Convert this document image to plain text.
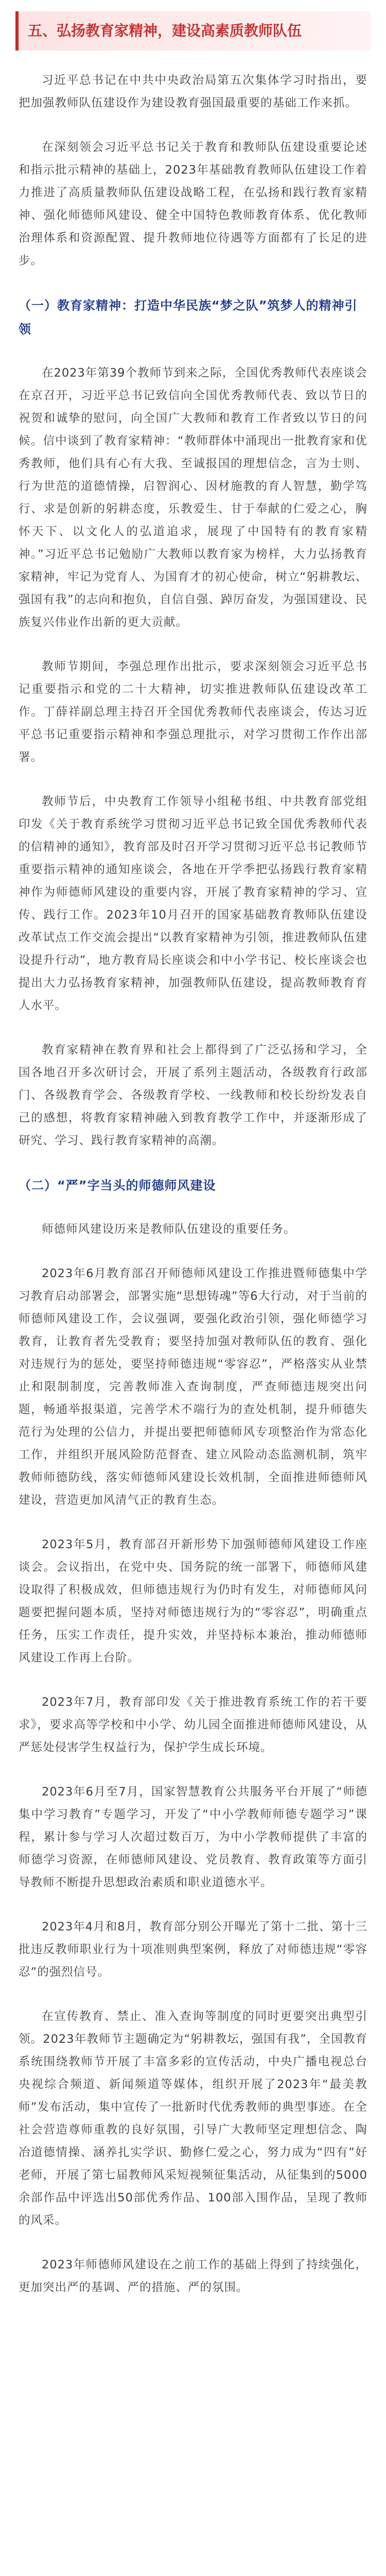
五、弘扬教育家精神，建设高素质教师队伍

习近平总书记在中共中央政治局第五次集体学习时指出，要把加强教师队伍建设作为建设教育强国最重要的基础工作来抓。

在深刻领会习近平总书记关于教育和教师队伍建设重要论述和指示批示精神的基础上，2023年基础教育教师队伍建设工作着力推进了高质量教师队伍建设战略工程，在弘扬和践行教育家精神、强化师德师风建设、健全中国特色教师教育体系、优化教师治理体系和资源配置、提升教师地位待遇等方面都有了长足的进步。

（一）教育家精神：打造中华民族“梦之队”筑梦人的精神引领

在2023年第39个教师节到来之际，全国优秀教师代表座谈会在京召开，习近平总书记致信向全国优秀教师代表、致以节日的祝贺和诚挚的慰问，向全国广大教师和教育工作者致以节日的问候。信中谈到了教育家精神：“教师群体中涌现出一批教育家和优秀教师，他们具有心有大我、至诚报国的理想信念，言为士则、行为世范的道德情操，启智润心、因材施教的育人智慧，勤学笃行、求是创新的躬耕态度，乐教爱生、甘于奉献的仁爱之心，胸怀天下、以文化人的弘道追求，展现了中国特有的教育家精神。”习近平总书记勉励广大教师以教育家为榜样，大力弘扬教育家精神，牢记为党育人、为国育才的初心使命，树立“躬耕教坛、强国有我”的志向和抱负，自信自强、踔厉奋发，为强国建设、民族复兴伟业作出新的更大贡献。

教师节期间，李强总理作出批示，要求深刻领会习近平总书记重要指示和党的二十大精神，切实推进教师队伍建设改革工作。丁薛祥副总理主持召开全国优秀教师代表座谈会，传达习近平总书记重要指示精神和李强总理批示，对学习贯彻工作作出部署。

教师节后，中央教育工作领导小组秘书组、中共教育部党组印发《关于教育系统学习贯彻习近平总书记致全国优秀教师代表的信精神的通知》，教育部及时召开学习贯彻习近平总书记教师节重要指示精神的通知座谈会，各地在开学季把弘扬践行教育家精神作为师德师风建设的重要内容，开展了教育家精神的学习、宣传、践行工作。2023年10月召开的国家基础教育教师队伍建设改革试点工作交流会提出“以教育家精神为引领，推进教师队伍建设提升行动”，地方教育局长座谈会和中小学书记、校长座谈会也提出大力弘扬教育家精神，加强教师队伍建设，提高教师教育育人水平。

教育家精神在教育界和社会上都得到了广泛弘扬和学习，全国各地召开多次研讨会，开展了系列主题活动，各级教育行政部门、各级教育学会、各级教育学校、一线教师和校长纷纷发表自己的感想，将教育家精神融入到教育教学工作中，并逐渐形成了研究、学习、践行教育家精神的高潮。

（二）“严”字当头的师德师风建设

师德师风建设历来是教师队伍建设的重要任务。

2023年6月教育部召开师德师风建设工作推进暨师德集中学习教育启动部署会，部署实施“思想铸魂”等6大行动，对于当前的师德师风建设工作，会议强调，要强化政治引领，强化师德学习教育，让教育者先受教育；要坚持加强对教师队伍的教育、强化对违规行为的惩处，要坚持师德违规“零容忍”，严格落实从业禁止和限制制度，完善教师准入查询制度，严查师德违规突出问题，畅通举报渠道，完善学术不端行为的查处机制，提升师德失范行为处理的公信力，并提出要把师德师风专项整治作为常态化工作，并组织开展风险防范督查、建立风险动态监测机制，筑牢教师师德防线，落实师德师风建设长效机制，全面推进师德师风建设，营造更加风清气正的教育生态。

2023年5月，教育部召开新形势下加强师德师风建设工作座谈会。会议指出，在党中央、国务院的统一部署下，师德师风建设取得了积极成效，但师德违规行为仍时有发生，对师德师风问题要把握问题本质，坚持对师德违规行为的“零容忍”，明确重点任务，压实工作责任，提升实效，并坚持标本兼治，推动师德师风建设工作再上台阶。

2023年7月，教育部印发《关于推进教育系统工作的若干要求》，要求高等学校和中小学、幼儿园全面推进师德师风建设，从严惩处侵害学生权益行为，保护学生成长环境。

2023年6月至7月，国家智慧教育公共服务平台开展了“师德集中学习教育”专题学习，开发了“中小学教师师德专题学习”课程，累计参与学习人次超过数百万，为中小学教师提供了丰富的师德学习资源，在师德师风建设、党员教育、教育政策等方面引导教师不断提升思想政治素质和职业道德水平。

2023年4月和8月，教育部分别公开曝光了第十二批、第十三批违反教师职业行为十项准则典型案例，释放了对师德违规“零容忍”的强烈信号。

在宣传教育、禁止、准入查询等制度的同时更要突出典型引领。2023年教师节主题确定为“躬耕教坛，强国有我”，全国教育系统围绕教师节开展了丰富多彩的宣传活动，中央广播电视总台央视综合频道、新闻频道等媒体，组织开展了2023年“最美教师”发布活动，集中宣传了一批新时代优秀教师的典型事迹。在全社会营造尊师重教的良好氛围，引导广大教师坚定理想信念、陶冶道德情操、涵养扎实学识、勤修仁爱之心，努力成为“四有”好老师，开展了第七届教师风采短视频征集活动，从征集到的5000余部作品中评选出50部优秀作品、100部入围作品，呈现了教师的风采。

2023年师德师风建设在之前工作的基础上得到了持续强化，更加突出严的基调、严的措施、严的氛围。
